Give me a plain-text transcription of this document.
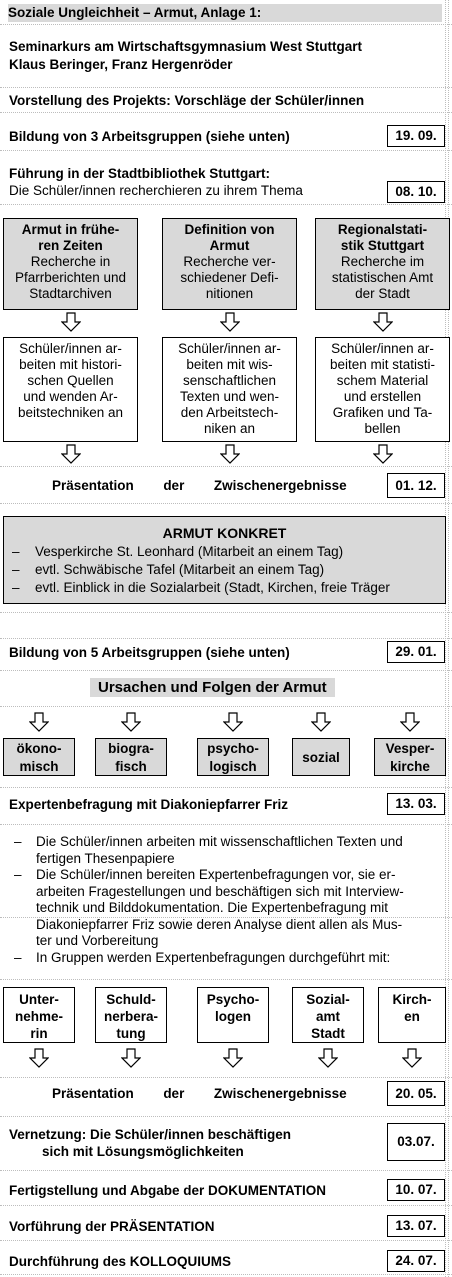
Soziale Ungleichheit – Armut, Anlage 1:
Seminarkurs am Wirtschaftsgymnasium West Stuttgart
Klaus Beringer, Franz Hergenröder
Vorstellung des Projekts: Vorschläge der Schüler/innen
Bildung von 3 Arbeitsgruppen (siehe unten)	19. 09.
Führung in der Stadtbibliothek Stuttgart:
Die Schüler/innen recherchieren zu ihrem Thema	08. 10.
Armut in frühe-
ren Zeiten
Recherche in
Pfarrberichten und
Stadtarchiven
Schüler/innen ar-
beiten mit histori-
schen Quellen
und wenden Ar-
beitstechniken an
Definition von
Armut
Recherche ver-
schiedener Defi-
nitionen
Schüler/innen ar-
beiten mit wis-
senschaftlichen
Texten und wen-
den Arbeitstech-
niken an
Regionalstati-
stik Stuttgart
Recherche im
statistischen Amt
der Stadt
Schüler/innen ar-
beiten mit statisti-
schem Material
und erstellen
Grafiken und Ta-
bellen
Präsentation der Zwischenergebnisse	01. 12.
ARMUT KONKRET
– Vesperkirche St. Leonhard (Mitarbeit an einem Tag)
– evtl. Schwäbische Tafel (Mitarbeit an einem Tag)
– evtl. Einblick in die Sozialarbeit (Stadt, Kirchen, freie Träger
Bildung von 5 Arbeitsgruppen (siehe unten)	29. 01.
Ursachen und Folgen der Armut
ökono-
misch
biogra-
fisch
psycho-
logisch
sozial
Vesper-
kirche
Expertenbefragung mit Diakoniepfarrer Friz	13. 03.
– Die Schüler/innen arbeiten mit wissenschaftlichen Texten und
fertigen Thesenpapiere
– Die Schüler/innen bereiten Expertenbefragungen vor, sie er-
arbeiten Fragestellungen und beschäftigen sich mit Interview-
technik und Bilddokumentation. Die Expertenbefragung mit
Diakoniepfarrer Friz sowie deren Analyse dient allen als Mus-
ter und Vorbereitung
– In Gruppen werden Expertenbefragungen durchgeführt mit:
Unter-
nehme-
rin
Schuld-
nerbera-
tung
Psycho-
logen
Sozial-
amt
Stadt
Kirch-
en
Präsentation der Zwischenergebnisse	20. 05.
Vernetzung: Die Schüler/innen beschäftigen
sich mit Lösungsmöglichkeiten
03.07.
Fertigstellung und Abgabe der DOKUMENTATION	10. 07.
Vorführung der PRÄSENTATION	13. 07.
Durchführung des KOLLOQUIUMS	24. 07.
